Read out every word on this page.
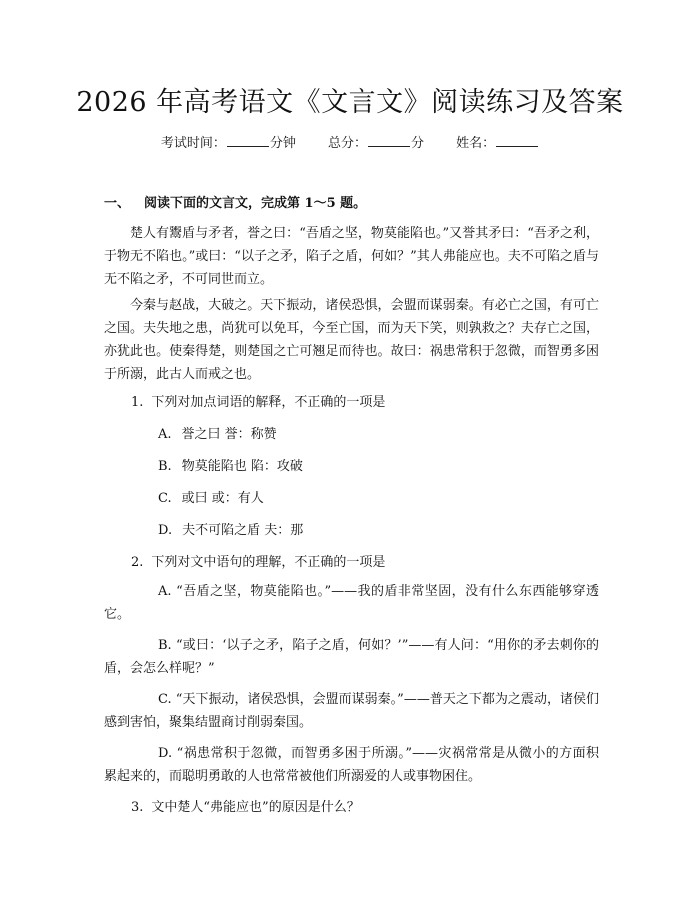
2026 年高考语文《文言文》阅读练习及答案
考试时间：	分钟 总分：	分 姓名：
一、 阅读下面的文言文，完成第 1～5 题。
楚人有鬻盾与矛者，誉之曰：“吾盾之坚，物莫能陷也。”又誉其矛曰：“吾矛之利，于物无不陷也。”或曰：“以子之矛，陷子之盾，何如？”其人弗能应也。夫不可陷之盾与无不陷之矛，不可同世而立。
今秦与赵战，大破之。天下振动，诸侯恐惧，会盟而谋弱秦。有必亡之国，有可亡之国。夫失地之患，尚犹可以免耳，今至亡国，而为天下笑，则孰救之？夫存亡之国，亦犹此也。使秦得楚，则楚国之亡可翘足而待也。故曰：祸患常积于忽微，而智勇多困于所溺，此古人而戒之也。
1. 下列对加点词语的解释，不正确的一项是
A. 誉之曰 誉：称赞
B. 物莫能陷也 陷：攻破
C. 或曰 或：有人
D. 夫不可陷之盾 夫：那
2. 下列对文中语句的理解，不正确的一项是
A. “吾盾之坚，物莫能陷也。”——我的盾非常坚固，没有什么东西能够穿透它。
B. “或曰：‘以子之矛，陷子之盾，何如？’”——有人问：“用你的矛去刺你的盾，会怎么样呢？”
C. “天下振动，诸侯恐惧，会盟而谋弱秦。”——普天之下都为之震动，诸侯们感到害怕，聚集结盟商讨削弱秦国。
D. “祸患常积于忽微，而智勇多困于所溺。”——灾祸常常是从微小的方面积累起来的，而聪明勇敢的人也常常被他们所溺爱的人或事物困住。
3. 文中楚人“弗能应也”的原因是什么？
